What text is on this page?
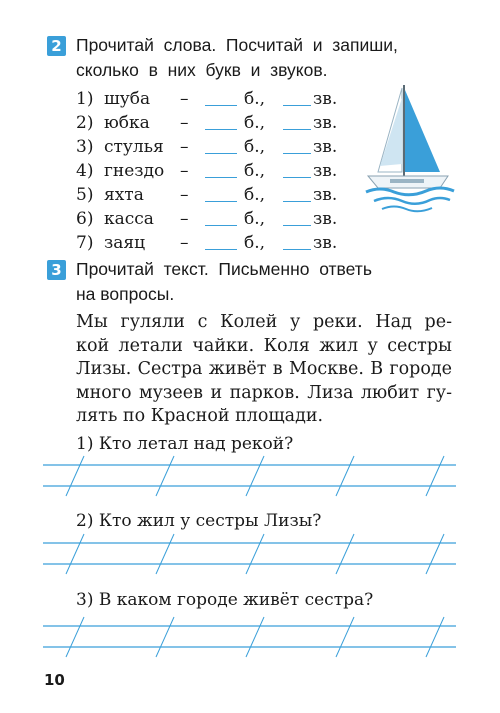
2 Прочитай  слова.  Посчитай  и  запиши,
сколько  в  них  букв  и  звуков.
1) шуба –	б.,	зв.
2) юбка –	б.,	зв.
3) стулья –	б.,	зв.
4) гнездо –	б.,	зв.
5) яхта –	б.,	зв.
6) касса –	б.,	зв.
7) заяц –	б.,	зв.
3 Прочитай  текст.  Письменно  ответь
на вопросы.
Мы гуляли с Колей у реки. Над ре-
кой летали чайки. Коля жил у сестры
Лизы. Сестра живёт в Москве. В городе
много музеев и парков. Лиза любит гу-
лять по Красной площади.
1) Кто летал над рекой?
2) Кто жил у сестры Лизы?
3) В каком городе живёт сестра?
10
